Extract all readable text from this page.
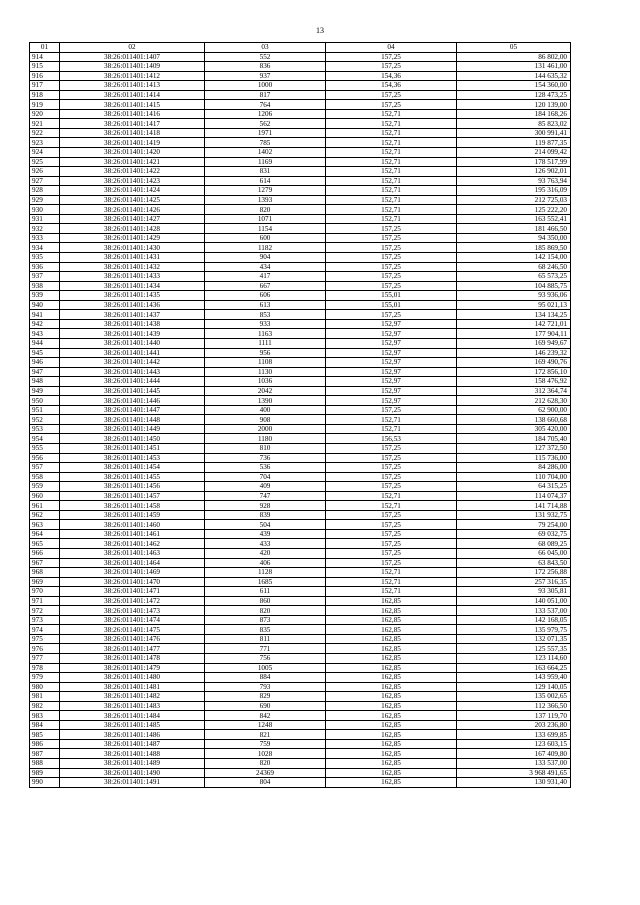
13
01	02	03	04	05
914	38:26:011401:1407	552	157,25	86 802,00
915	38:26:011401:1409	836	157,25	131 461,00
916	38:26:011401:1412	937	154,36	144 635,32
917	38:26:011401:1413	1000	154,36	154 360,00
918	38:26:011401:1414	817	157,25	128 473,25
919	38:26:011401:1415	764	157,25	120 139,00
920	38:26:011401:1416	1206	152,71	184 168,26
921	38:26:011401:1417	562	152,71	85 823,02
922	38:26:011401:1418	1971	152,71	300 991,41
923	38:26:011401:1419	785	152,71	119 877,35
924	38:26:011401:1420	1402	152,71	214 099,42
925	38:26:011401:1421	1169	152,71	178 517,99
926	38:26:011401:1422	831	152,71	126 902,01
927	38:26:011401:1423	614	152,71	93 763,94
928	38:26:011401:1424	1279	152,71	195 316,09
929	38:26:011401:1425	1393	152,71	212 725,03
930	38:26:011401:1426	820	152,71	125 222,20
931	38:26:011401:1427	1071	152,71	163 552,41
932	38:26:011401:1428	1154	157,25	181 466,50
933	38:26:011401:1429	600	157,25	94 350,00
934	38:26:011401:1430	1182	157,25	185 869,50
935	38:26:011401:1431	904	157,25	142 154,00
936	38:26:011401:1432	434	157,25	68 246,50
937	38:26:011401:1433	417	157,25	65 573,25
938	38:26:011401:1434	667	157,25	104 885,75
939	38:26:011401:1435	606	155,01	93 936,06
940	38:26:011401:1436	613	155,01	95 021,13
941	38:26:011401:1437	853	157,25	134 134,25
942	38:26:011401:1438	933	152,97	142 721,01
943	38:26:011401:1439	1163	152,97	177 904,11
944	38:26:011401:1440	1111	152,97	169 949,67
945	38:26:011401:1441	956	152,97	146 239,32
946	38:26:011401:1442	1108	152,97	169 490,76
947	38:26:011401:1443	1130	152,97	172 856,10
948	38:26:011401:1444	1036	152,97	158 476,92
949	38:26:011401:1445	2042	152,97	312 364,74
950	38:26:011401:1446	1390	152,97	212 628,30
951	38:26:011401:1447	400	157,25	62 900,00
952	38:26:011401:1448	908	152,71	138 660,68
953	38:26:011401:1449	2000	152,71	305 420,00
954	38:26:011401:1450	1180	156,53	184 705,40
955	38:26:011401:1451	810	157,25	127 372,50
956	38:26:011401:1453	736	157,25	115 736,00
957	38:26:011401:1454	536	157,25	84 286,00
958	38:26:011401:1455	704	157,25	110 704,00
959	38:26:011401:1456	409	157,25	64 315,25
960	38:26:011401:1457	747	152,71	114 074,37
961	38:26:011401:1458	928	152,71	141 714,88
962	38:26:011401:1459	839	157,25	131 932,75
963	38:26:011401:1460	504	157,25	79 254,00
964	38:26:011401:1461	439	157,25	69 032,75
965	38:26:011401:1462	433	157,25	68 089,25
966	38:26:011401:1463	420	157,25	66 045,00
967	38:26:011401:1464	406	157,25	63 843,50
968	38:26:011401:1469	1128	152,71	172 256,88
969	38:26:011401:1470	1685	152,71	257 316,35
970	38:26:011401:1471	611	152,71	93 305,81
971	38:26:011401:1472	860	162,85	140 051,00
972	38:26:011401:1473	820	162,85	133 537,00
973	38:26:011401:1474	873	162,85	142 168,05
974	38:26:011401:1475	835	162,85	135 979,75
975	38:26:011401:1476	811	162,85	132 071,35
976	38:26:011401:1477	771	162,85	125 557,35
977	38:26:011401:1478	756	162,85	123 114,60
978	38:26:011401:1479	1005	162,85	163 664,25
979	38:26:011401:1480	884	162,85	143 959,40
980	38:26:011401:1481	793	162,85	129 140,05
981	38:26:011401:1482	829	162,85	135 002,65
982	38:26:011401:1483	690	162,85	112 366,50
983	38:26:011401:1484	842	162,85	137 119,70
984	38:26:011401:1485	1248	162,85	203 236,80
985	38:26:011401:1486	821	162,85	133 699,85
986	38:26:011401:1487	759	162,85	123 603,15
987	38:26:011401:1488	1028	162,85	167 409,80
988	38:26:011401:1489	820	162,85	133 537,00
989	38:26:011401:1490	24369	162,85	3 968 491,65
990	38:26:011401:1491	804	162,85	130 931,40
